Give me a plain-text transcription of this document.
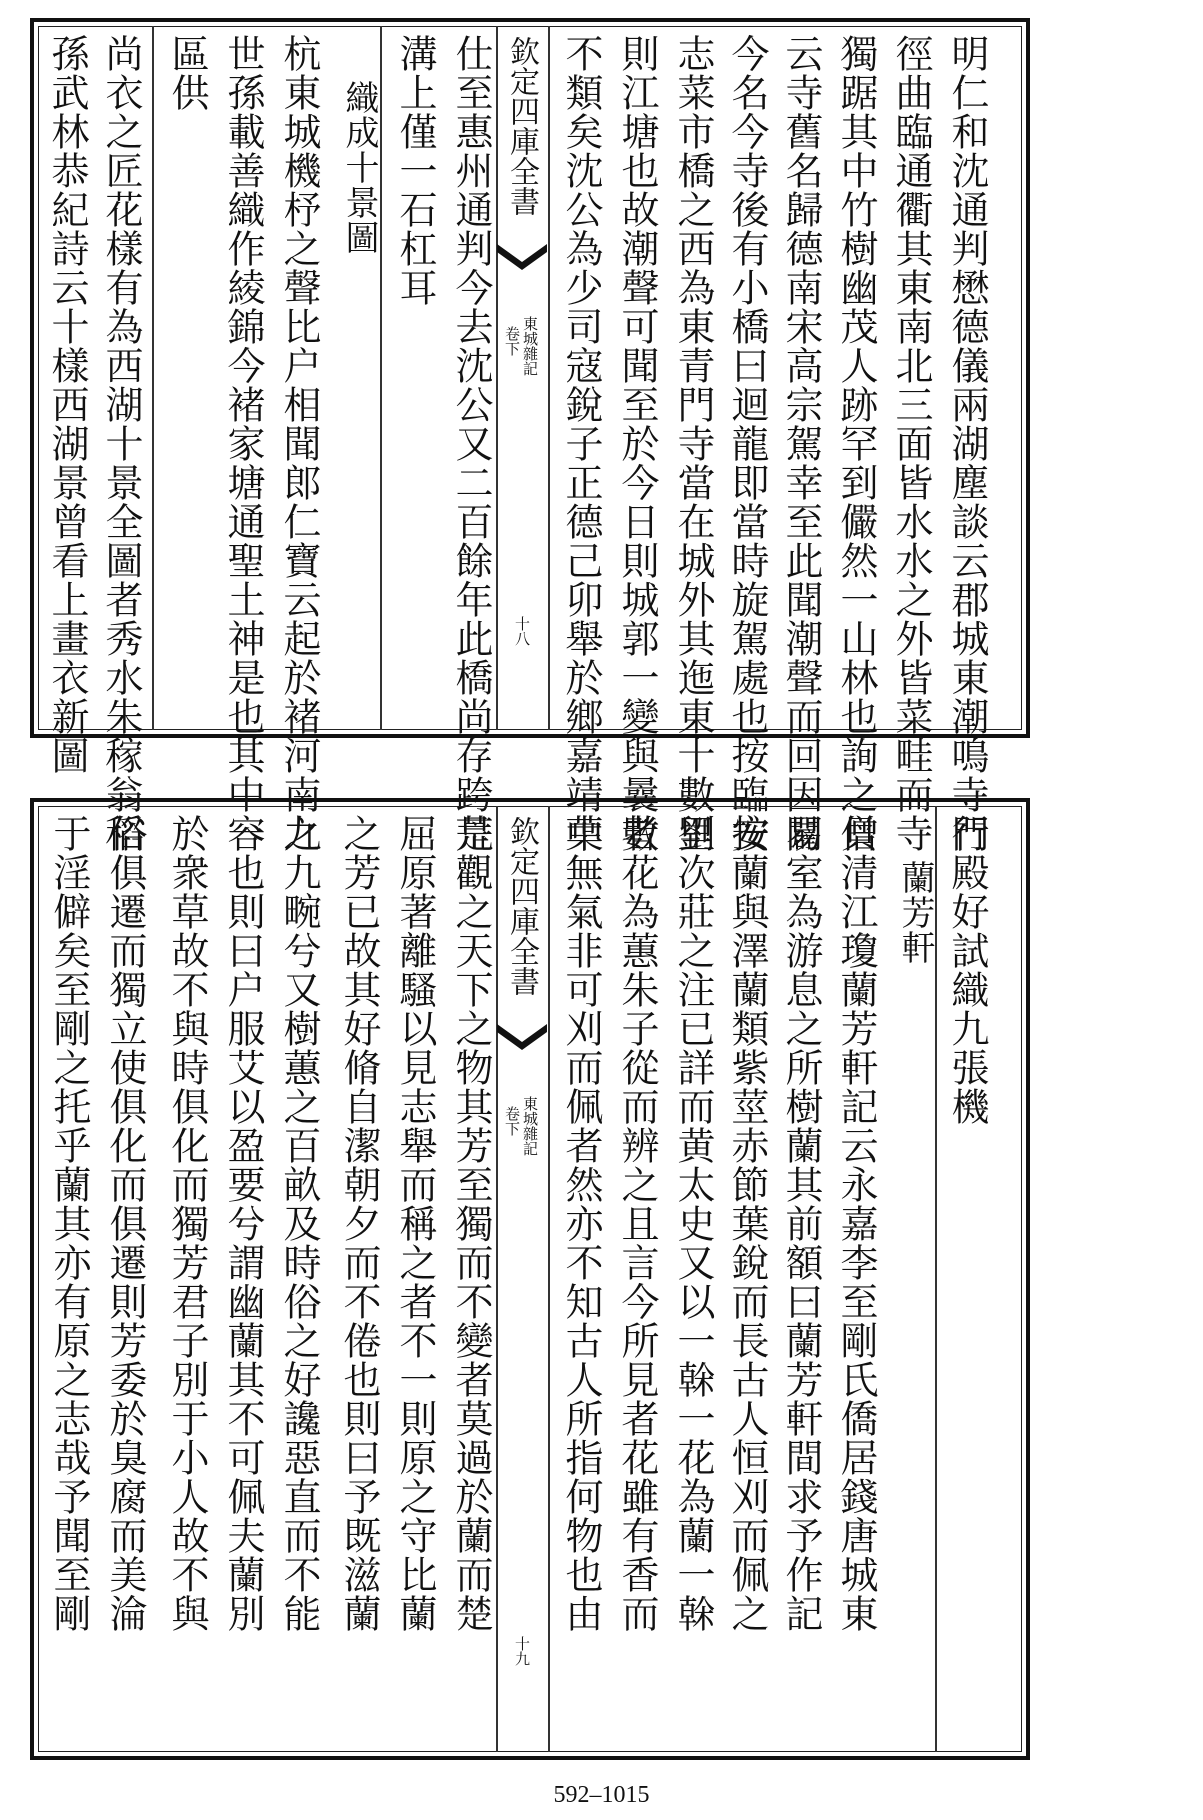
明仁和沈通判懋德儀兩湖塵談云郡城東潮鳴寺門
徑曲臨通衢其東南北三面皆水水之外皆菜畦而寺
獨踞其中竹樹幽茂人跡罕到儼然一山林也詢之僧
云寺舊名歸德南宋高宗駕幸至此聞潮聲而回因易
今名今寺後有小橋曰迴龍即當時旋駕處也按臨安
志菜市橋之西為東青門寺當在城外其迤東十數里
則江塘也故潮聲可聞至於今日則城郭一變與曩者
不類矣沈公為少司寇銳子正德己卯舉於鄉嘉靖中
欽定四庫全書
東城雜記
卷下
十八
仕至惠州通判今去沈公又二百餘年此橋尚存跨荒
溝上僅一石杠耳
織成十景圖
杭東城機杼之聲比户相聞郎仁寶云起於褚河南九
世孫載善織作綾錦今褚家塘通聖土神是也其中一
區供
尚衣之匠花樣有為西湖十景全圖者秀水朱稼翁稻
孫武林恭紀詩云十樣西湖景曾看上畫衣新圖
行殿好試織九張機
蘭芳軒
貝清江瓊蘭芳軒記云永嘉李至剛氏僑居錢唐城東
闢室為游息之所樹蘭其前額曰蘭芳軒間求予作記
按蘭與澤蘭類紫莖赤節葉銳而長古人恒刈而佩之
劉次莊之注已詳而黄太史又以一榦一花為蘭一榦
數花為蕙朱子從而辨之且言今所見者花雖有香而
葉無氣非可刈而佩者然亦不知古人所指何物也由
欽定四庫全書
東城雜記
卷下
十九
是觀之天下之物其芳至獨而不變者莫過於蘭而楚
屈原著離騷以見志舉而稱之者不一則原之守比蘭
之芳已故其好脩自潔朝夕而不倦也則曰予既滋蘭
之九畹兮又樹蕙之百畝及時俗之好讒惡直而不能
容也則曰户服艾以盈要兮謂幽蘭其不可佩夫蘭別
於衆草故不與時俱化而獨芳君子別于小人故不與
俗俱遷而獨立使俱化而俱遷則芳委於臭腐而美淪
于淫僻矣至剛之托乎蘭其亦有原之志哉予聞至剛
592–1015
